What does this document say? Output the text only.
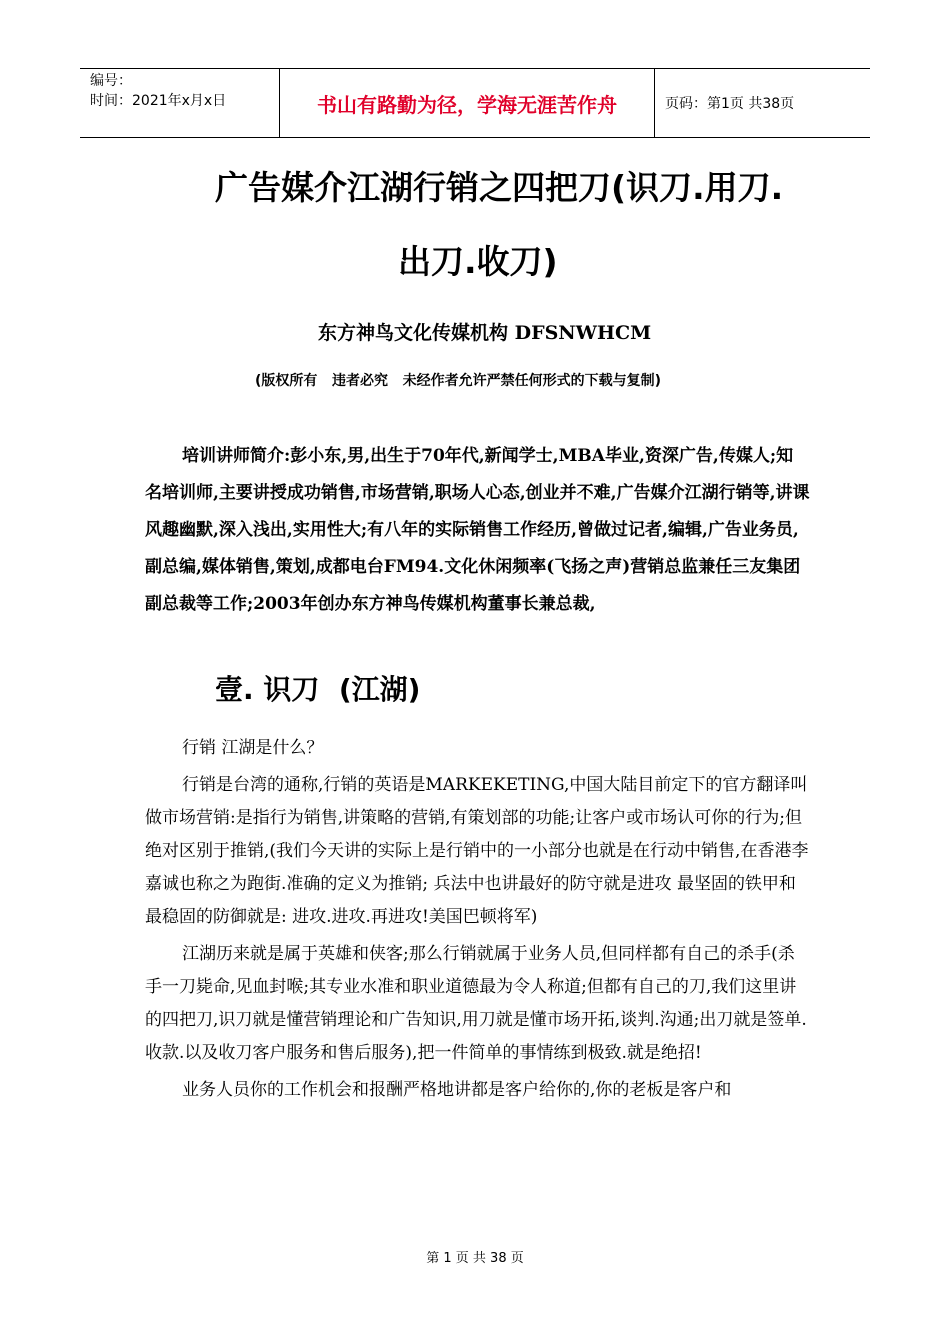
编号：
时间：2021年x月x日	书山有路勤为径，学海无涯苦作舟	页码：第1页 共38页
广告媒介江湖行销之四把刀(识刀.用刀.
出刀.收刀)
东方神鸟文化传媒机构 DFSNWHCM
(版权所有   违者必究   未经作者允许严禁任何形式的下载与复制)
培训讲师简介:彭小东,男,出生于70年代,新闻学士,MBA毕业,资深广告,传媒人;知名培训师,主要讲授成功销售,市场营销,职场人心态,创业并不难,广告媒介江湖行销等,讲课风趣幽默,深入浅出,实用性大;有八年的实际销售工作经历,曾做过记者,编辑,广告业务员,副总编,媒体销售,策划,成都电台FM94.文化休闲频率(飞扬之声)营销总监兼任三友集团副总裁等工作;2003年创办东方神鸟传媒机构董事长兼总裁,
壹. 识刀  (江湖)

行销 江湖是什么？

行销是台湾的通称,行销的英语是MARKEKETING,中国大陆目前定下的官方翻译叫做市场营销:是指行为销售,讲策略的营销,有策划部的功能;让客户或市场认可你的行为;但绝对区别于推销,(我们今天讲的实际上是行销中的一小部分也就是在行动中销售,在香港李嘉诚也称之为跑街.准确的定义为推销; 兵法中也讲最好的防守就是进攻 最坚固的铁甲和最稳固的防御就是: 进攻.进攻.再进攻!美国巴顿将军)

江湖历来就是属于英雄和侠客;那么行销就属于业务人员,但同样都有自己的杀手(杀手一刀毙命,见血封喉;其专业水准和职业道德最为令人称道;但都有自己的刀,我们这里讲的四把刀,识刀就是懂营销理论和广告知识,用刀就是懂市场开拓,谈判.沟通;出刀就是签单.收款.以及收刀客户服务和售后服务),把一件简单的事情练到极致.就是绝招!

业务人员你的工作机会和报酬严格地讲都是客户给你的,你的老板是客户和

第 1 页 共 38 页
